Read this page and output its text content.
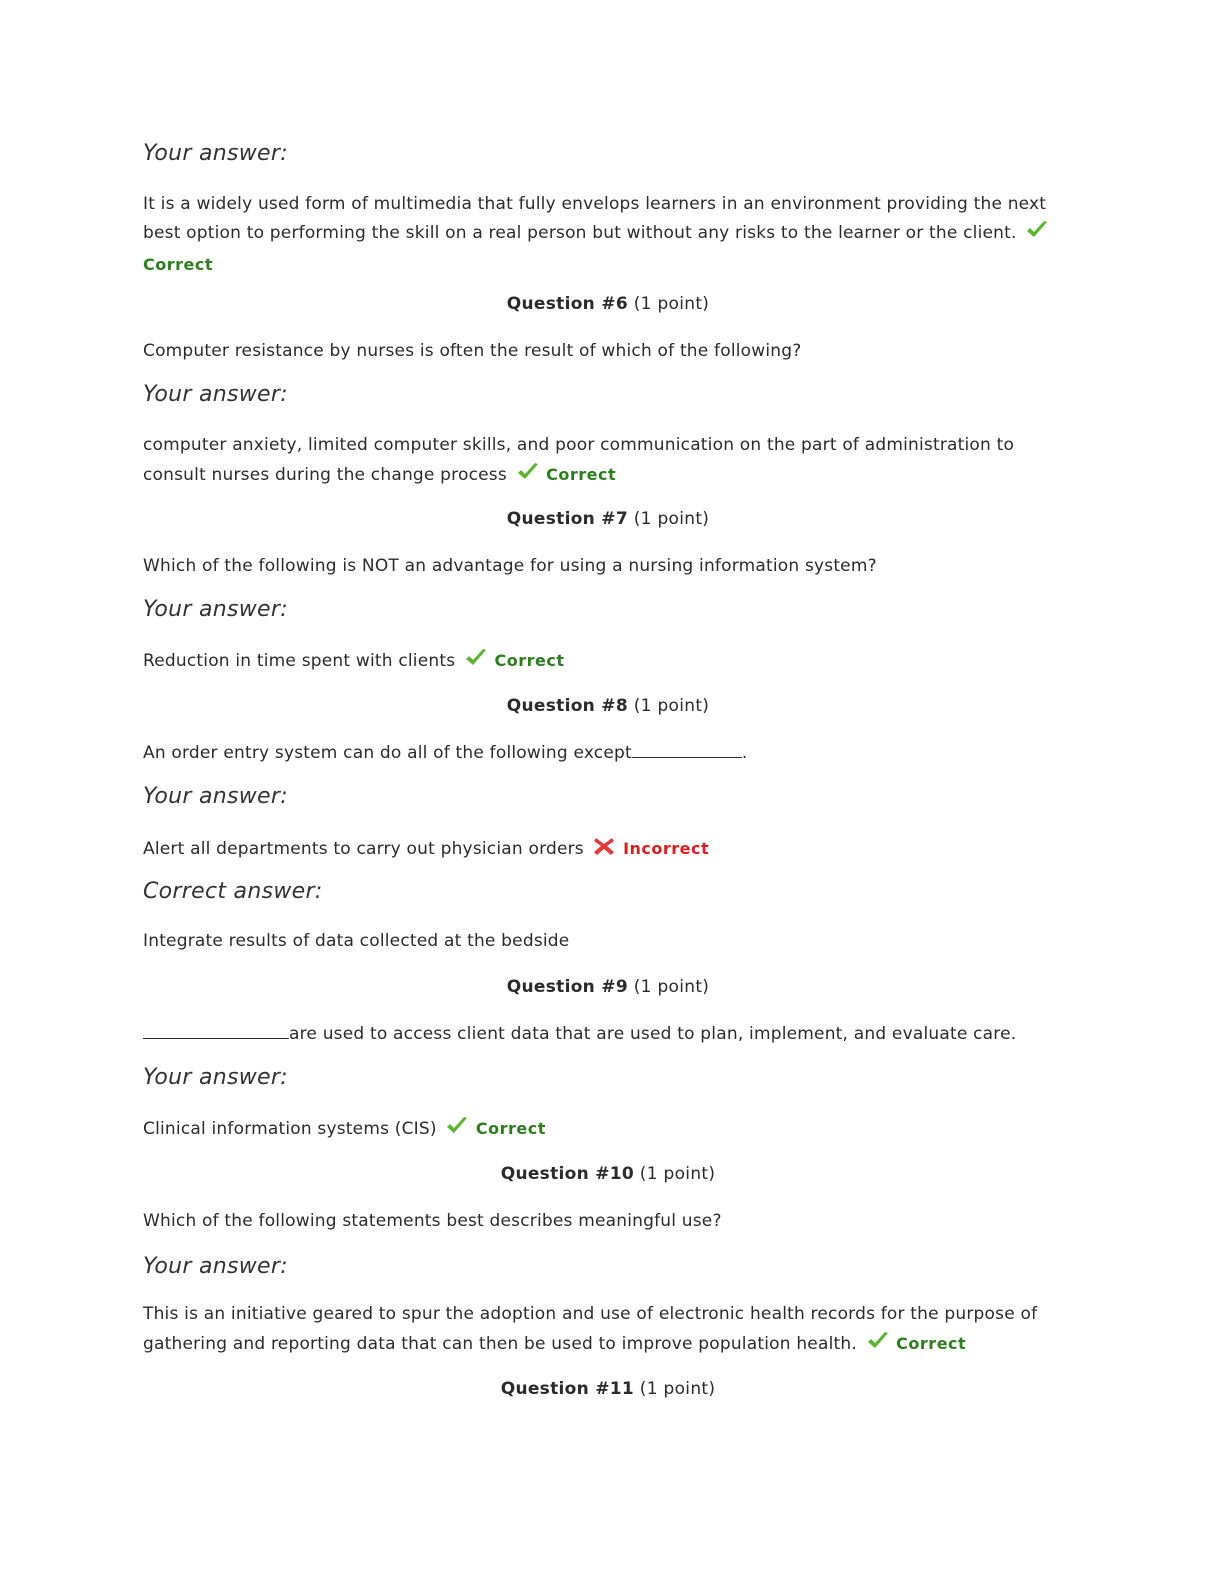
Your answer:
It is a widely used form of multimedia that fully envelops learners in an environment providing the next best option to performing the skill on a real person but without any risks to the learner or the client.
Correct
Question #6 (1 point)
Computer resistance by nurses is often the result of which of the following?
Your answer:
computer anxiety, limited computer skills, and poor communication on the part of administration to consult nurses during the change process Correct
Question #7 (1 point)
Which of the following is NOT an advantage for using a nursing information system?
Your answer:
Reduction in time spent with clients Correct
Question #8 (1 point)
An order entry system can do all of the following except	.
Your answer:
Alert all departments to carry out physician orders Incorrect
Correct answer:
Integrate results of data collected at the bedside
Question #9 (1 point)
are used to access client data that are used to plan, implement, and evaluate care.
Your answer:
Clinical information systems (CIS) Correct
Question #10 (1 point)
Which of the following statements best describes meaningful use?
Your answer:
This is an initiative geared to spur the adoption and use of electronic health records for the purpose of gathering and reporting data that can then be used to improve population health. Correct
Question #11 (1 point)
